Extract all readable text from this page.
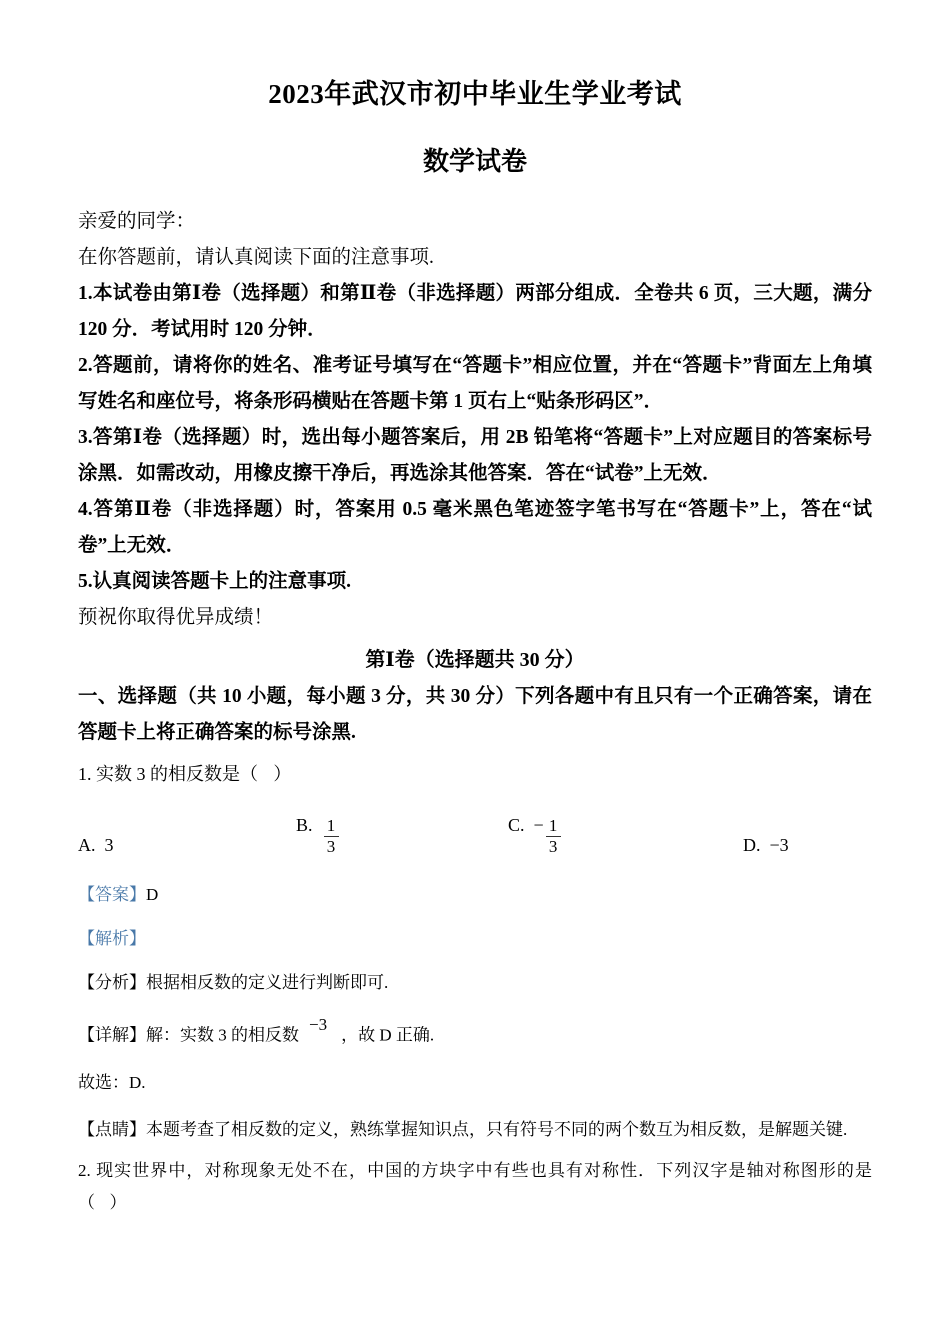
2023年武汉市初中毕业生学业考试
数学试卷

亲爱的同学：

在你答题前，请认真阅读下面的注意事项.

1.本试卷由第Ⅰ卷（选择题）和第Ⅱ卷（非选择题）两部分组成．全卷共 6 页，三大题，满分 120 分．考试用时 120 分钟．

2.答题前，请将你的姓名、准考证号填写在“答题卡”相应位置，并在“答题卡”背面左上角填写姓名和座位号，将条形码横贴在答题卡第 1 页右上“贴条形码区”．

3.答第Ⅰ卷（选择题）时，选出每小题答案后，用 2B 铅笔将“答题卡”上对应题目的答案标号涂黑．如需改动，用橡皮擦干净后，再选涂其他答案．答在“试卷”上无效．

4.答第Ⅱ卷（非选择题）时，答案用 0.5 毫米黑色笔迹签字笔书写在“答题卡”上，答在“试卷”上无效．

5.认真阅读答题卡上的注意事项.

预祝你取得优异成绩！

第Ⅰ卷（选择题共 30 分）

一、选择题（共 10 小题，每小题 3 分，共 30 分）下列各题中有且只有一个正确答案，请在答题卡上将正确答案的标号涂黑.

1. 实数 3 的相反数是（ ）

A. 3
B. $\frac{1}{3}$	C. − $\frac{1}{3}$	D. −3

【答案】D

【解析】

【分析】根据相反数的定义进行判断即可.

【详解】解：实数 3 的相反数−3，故 D 正确.

故选：D.

【点睛】本题考查了相反数的定义，熟练掌握知识点，只有符号不同的两个数互为相反数，是解题关键.

2. 现实世界中，对称现象无处不在，中国的方块字中有些也具有对称性．下列汉字是轴对称图形的是（ ）
